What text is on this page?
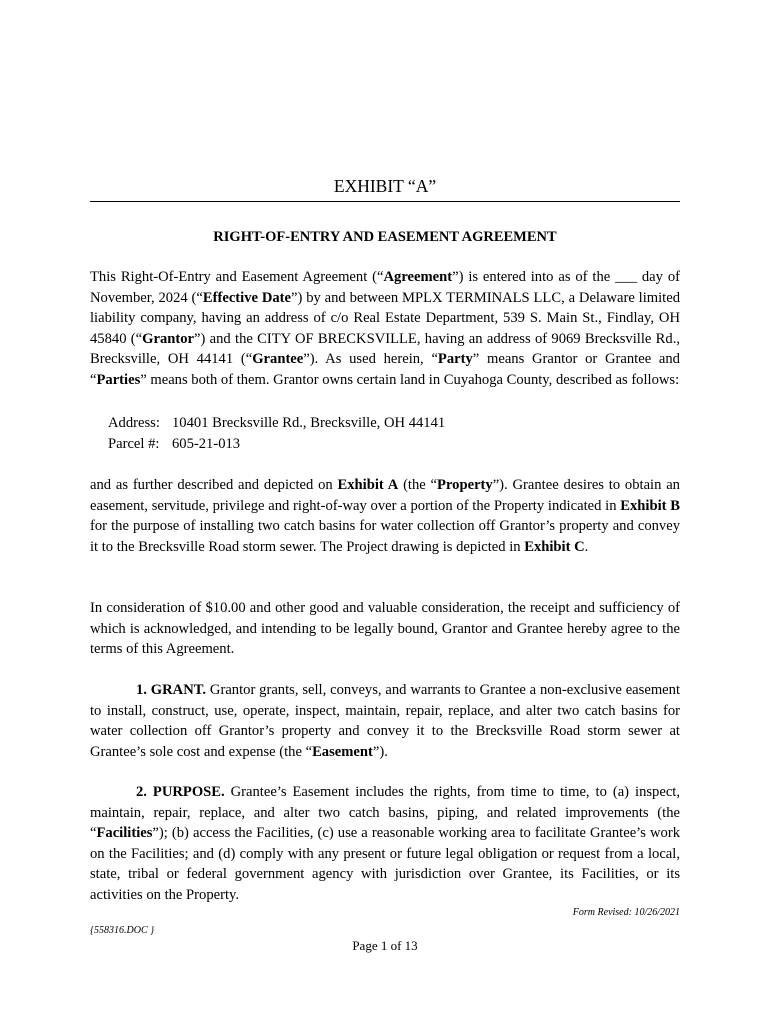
EXHIBIT “A”
RIGHT-OF-ENTRY AND EASEMENT AGREEMENT

This Right-Of-Entry and Easement Agreement (“Agreement”) is entered into as of the ___ day of November, 2024 (“Effective Date”) by and between MPLX TERMINALS LLC, a Delaware limited liability company, having an address of c/o Real Estate Department, 539 S. Main St., Findlay, OH 45840 (“Grantor”) and the CITY OF BRECKSVILLE, having an address of 9069 Brecksville Rd., Brecksville, OH 44141 (“Grantee”). As used herein, “Party” means Grantor or Grantee and “Parties” means both of them. Grantor owns certain land in Cuyahoga County, described as follows:

Address: 10401 Brecksville Rd., Brecksville, OH 44141
Parcel #: 605-21-013

and as further described and depicted on Exhibit A (the “Property”). Grantee desires to obtain an easement, servitude, privilege and right-of-way over a portion of the Property indicated in Exhibit B for the purpose of installing two catch basins for water collection off Grantor’s property and convey it to the Brecksville Road storm sewer. The Project drawing is depicted in Exhibit C.

In consideration of $10.00 and other good and valuable consideration, the receipt and sufficiency of which is acknowledged, and intending to be legally bound, Grantor and Grantee hereby agree to the terms of this Agreement.

1. GRANT. Grantor grants, sell, conveys, and warrants to Grantee a non-exclusive easement to install, construct, use, operate, inspect, maintain, repair, replace, and alter two catch basins for water collection off Grantor’s property and convey it to the Brecksville Road storm sewer at Grantee’s sole cost and expense (the “Easement”).

2. PURPOSE. Grantee’s Easement includes the rights, from time to time, to (a) inspect, maintain, repair, replace, and alter two catch basins, piping, and related improvements (the “Facilities”); (b) access the Facilities, (c) use a reasonable working area to facilitate Grantee’s work on the Facilities; and (d) comply with any present or future legal obligation or request from a local, state, tribal or federal government agency with jurisdiction over Grantee, its Facilities, or its activities on the Property.

Form Revised: 10/26/2021
{558316.DOC }
Page 1 of 13
